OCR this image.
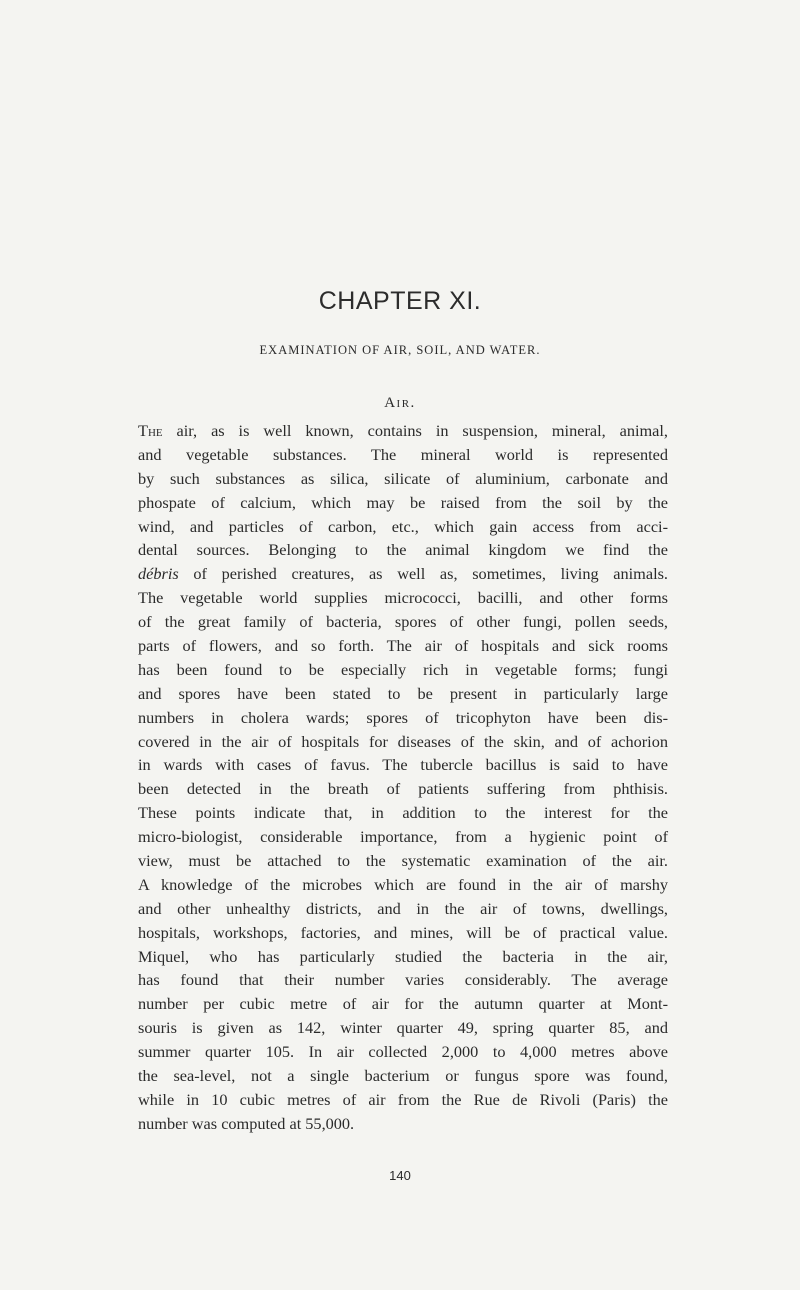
CHAPTER XI.
EXAMINATION OF AIR, SOIL, AND WATER.
Air.
The air, as is well known, contains in suspension, mineral, animal,
and vegetable substances. The mineral world is represented
by such substances as silica, silicate of aluminium, carbonate and
phospate of calcium, which may be raised from the soil by the
wind, and particles of carbon, etc., which gain access from acci-
dental sources. Belonging to the animal kingdom we find the
débris of perished creatures, as well as, sometimes, living animals.
The vegetable world supplies micrococci, bacilli, and other forms
of the great family of bacteria, spores of other fungi, pollen seeds,
parts of flowers, and so forth. The air of hospitals and sick rooms
has been found to be especially rich in vegetable forms; fungi
and spores have been stated to be present in particularly large
numbers in cholera wards; spores of tricophyton have been dis-
covered in the air of hospitals for diseases of the skin, and of achorion
in wards with cases of favus. The tubercle bacillus is said to have
been detected in the breath of patients suffering from phthisis.
These points indicate that, in addition to the interest for the
micro-biologist, considerable importance, from a hygienic point of
view, must be attached to the systematic examination of the air.
A knowledge of the microbes which are found in the air of marshy
and other unhealthy districts, and in the air of towns, dwellings,
hospitals, workshops, factories, and mines, will be of practical value.
Miquel, who has particularly studied the bacteria in the air,
has found that their number varies considerably. The average
number per cubic metre of air for the autumn quarter at Mont-
souris is given as 142, winter quarter 49, spring quarter 85, and
summer quarter 105. In air collected 2,000 to 4,000 metres above
the sea-level, not a single bacterium or fungus spore was found,
while in 10 cubic metres of air from the Rue de Rivoli (Paris) the
number was computed at 55,000.
140
